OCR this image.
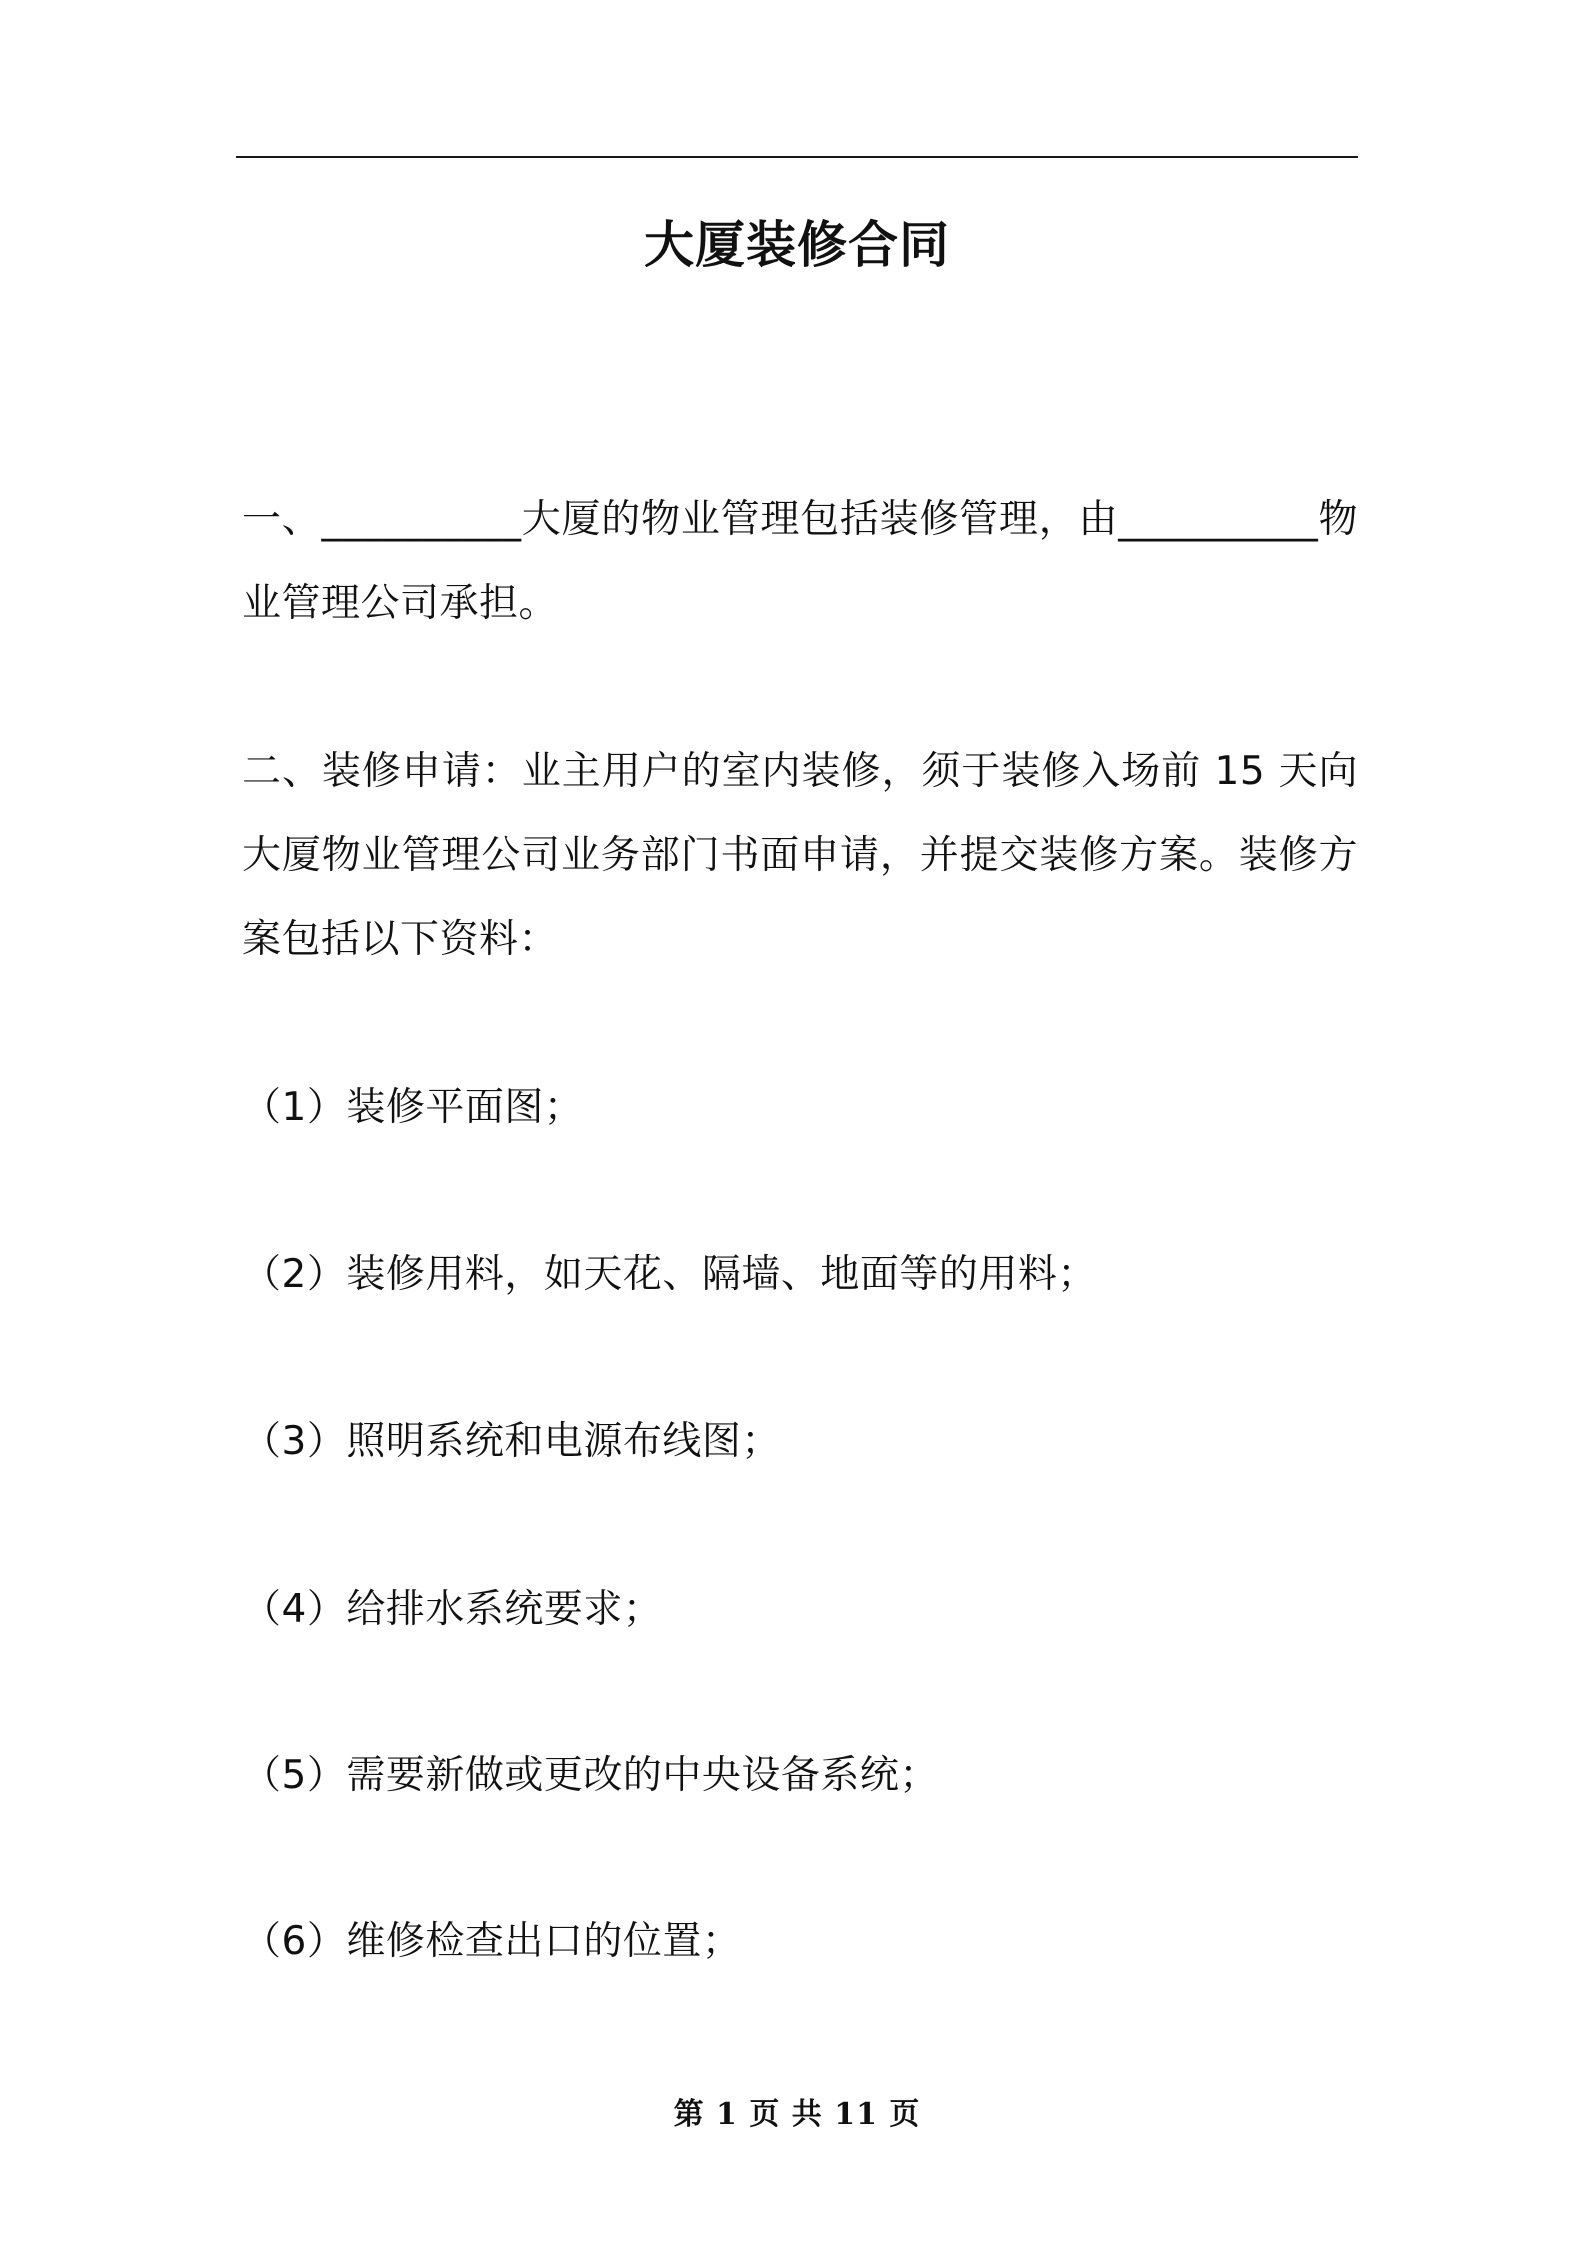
大厦装修合同
一、__________大厦的物业管理包括装修管理，由__________物业管理公司承担。
二、装修申请：业主用户的室内装修，须于装修入场前 15 天向大厦物业管理公司业务部门书面申请，并提交装修方案。装修方案包括以下资料：
（1）装修平面图；
（2）装修用料，如天花、隔墙、地面等的用料；
（3）照明系统和电源布线图；
（4）给排水系统要求；
（5）需要新做或更改的中央设备系统；
（6）维修检查出口的位置；
第 1 页 共 11 页
